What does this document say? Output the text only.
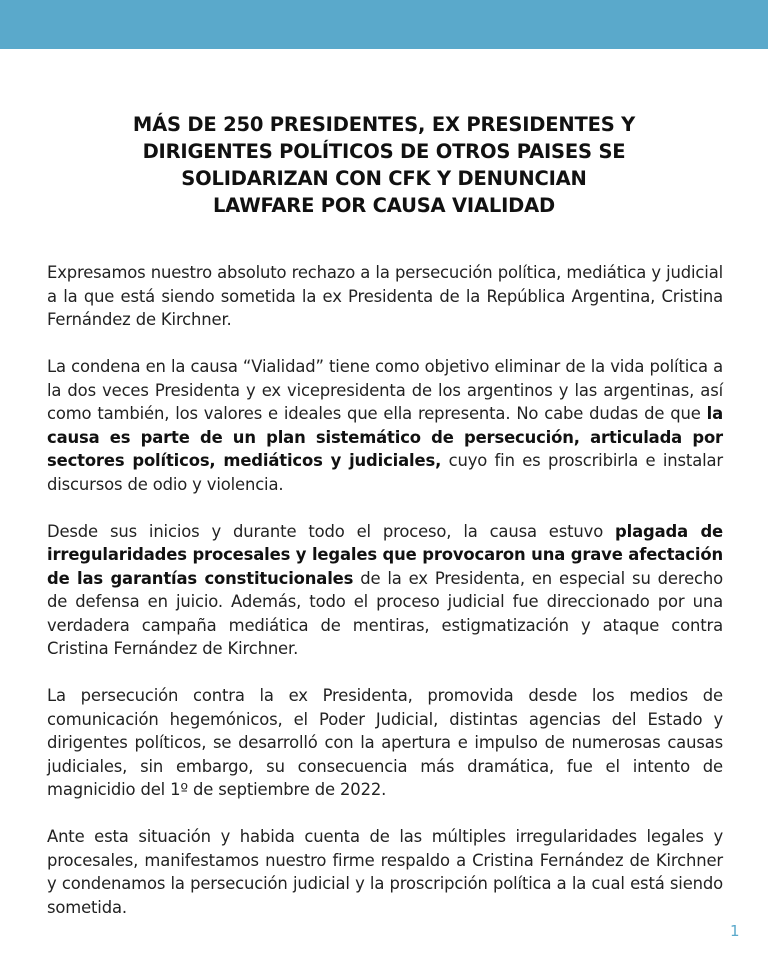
MÁS DE 250 PRESIDENTES, EX PRESIDENTES Y
DIRIGENTES POLÍTICOS DE OTROS PAISES SE
SOLIDARIZAN CON CFK Y DENUNCIAN
LAWFARE POR CAUSA VIALIDAD

Expresamos nuestro absoluto rechazo a la persecución política, mediática y judicial a la que está siendo sometida la ex Presidenta de la República Argentina, Cristina Fernández de Kirchner.

La condena en la causa “Vialidad” tiene como objetivo eliminar de la vida política a la dos veces Presidenta y ex vicepresidenta de los argentinos y las argentinas, así como también, los valores e ideales que ella representa. No cabe dudas de que la causa es parte de un plan sistemático de persecución, articulada por sectores políticos, mediáticos y judiciales, cuyo fin es proscribirla e instalar discursos de odio y violencia.

Desde sus inicios y durante todo el proceso, la causa estuvo plagada de irregularidades procesales y legales que provocaron una grave afectación de las garantías constitucionales de la ex Presidenta, en especial su derecho de defensa en juicio. Además, todo el proceso judicial fue direccionado por una verdadera campaña mediática de mentiras, estigmatización y ataque contra Cristina Fernández de Kirchner.

La persecución contra la ex Presidenta, promovida desde los medios de comunicación hegemónicos, el Poder Judicial, distintas agencias del Estado y dirigentes políticos, se desarrolló con la apertura e impulso de numerosas causas judiciales, sin embargo, su consecuencia más dramática, fue el intento de magnicidio del 1º de septiembre de 2022.

Ante esta situación y habida cuenta de las múltiples irregularidades legales y procesales, manifestamos nuestro firme respaldo a Cristina Fernández de Kirchner y condenamos la persecución judicial y la proscripción política a la cual está siendo sometida.

1
